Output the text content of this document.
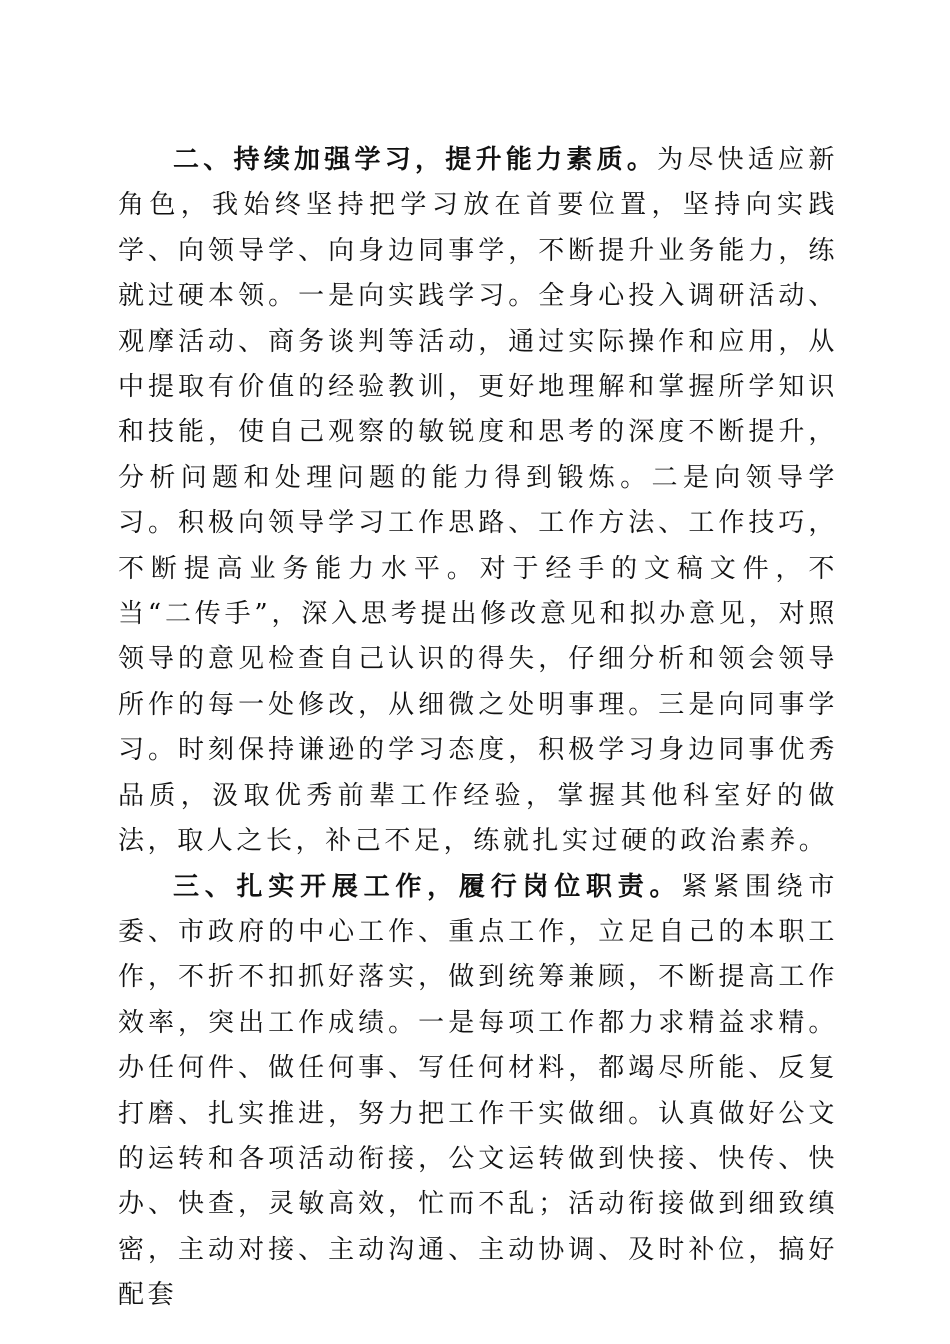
二、持续加强学习，提升能力素质。为尽快适应新角色，我始终坚持把学习放在首要位置，坚持向实践学、向领导学、向身边同事学，不断提升业务能力，练就过硬本领。一是向实践学习。全身心投入调研活动、观摩活动、商务谈判等活动，通过实际操作和应用，从中提取有价值的经验教训，更好地理解和掌握所学知识和技能，使自己观察的敏锐度和思考的深度不断提升，分析问题和处理问题的能力得到锻炼。二是向领导学习。积极向领导学习工作思路、工作方法、工作技巧，不断提高业务能力水平。对于经手的文稿文件，不当“二传手”，深入思考提出修改意见和拟办意见，对照领导的意见检查自己认识的得失，仔细分析和领会领导所作的每一处修改，从细微之处明事理。三是向同事学习。时刻保持谦逊的学习态度，积极学习身边同事优秀品质，汲取优秀前辈工作经验，掌握其他科室好的做法，取人之长，补己不足，练就扎实过硬的政治素养。

三、扎实开展工作，履行岗位职责。紧紧围绕市委、市政府的中心工作、重点工作，立足自己的本职工作，不折不扣抓好落实，做到统筹兼顾，不断提高工作效率，突出工作成绩。一是每项工作都力求精益求精。办任何件、做任何事、写任何材料，都竭尽所能、反复打磨、扎实推进，努力把工作干实做细。认真做好公文的运转和各项活动衔接，公文运转做到快接、快传、快办、快查，灵敏高效，忙而不乱；活动衔接做到细致缜密，主动对接、主动沟通、主动协调、及时补位，搞好配套
